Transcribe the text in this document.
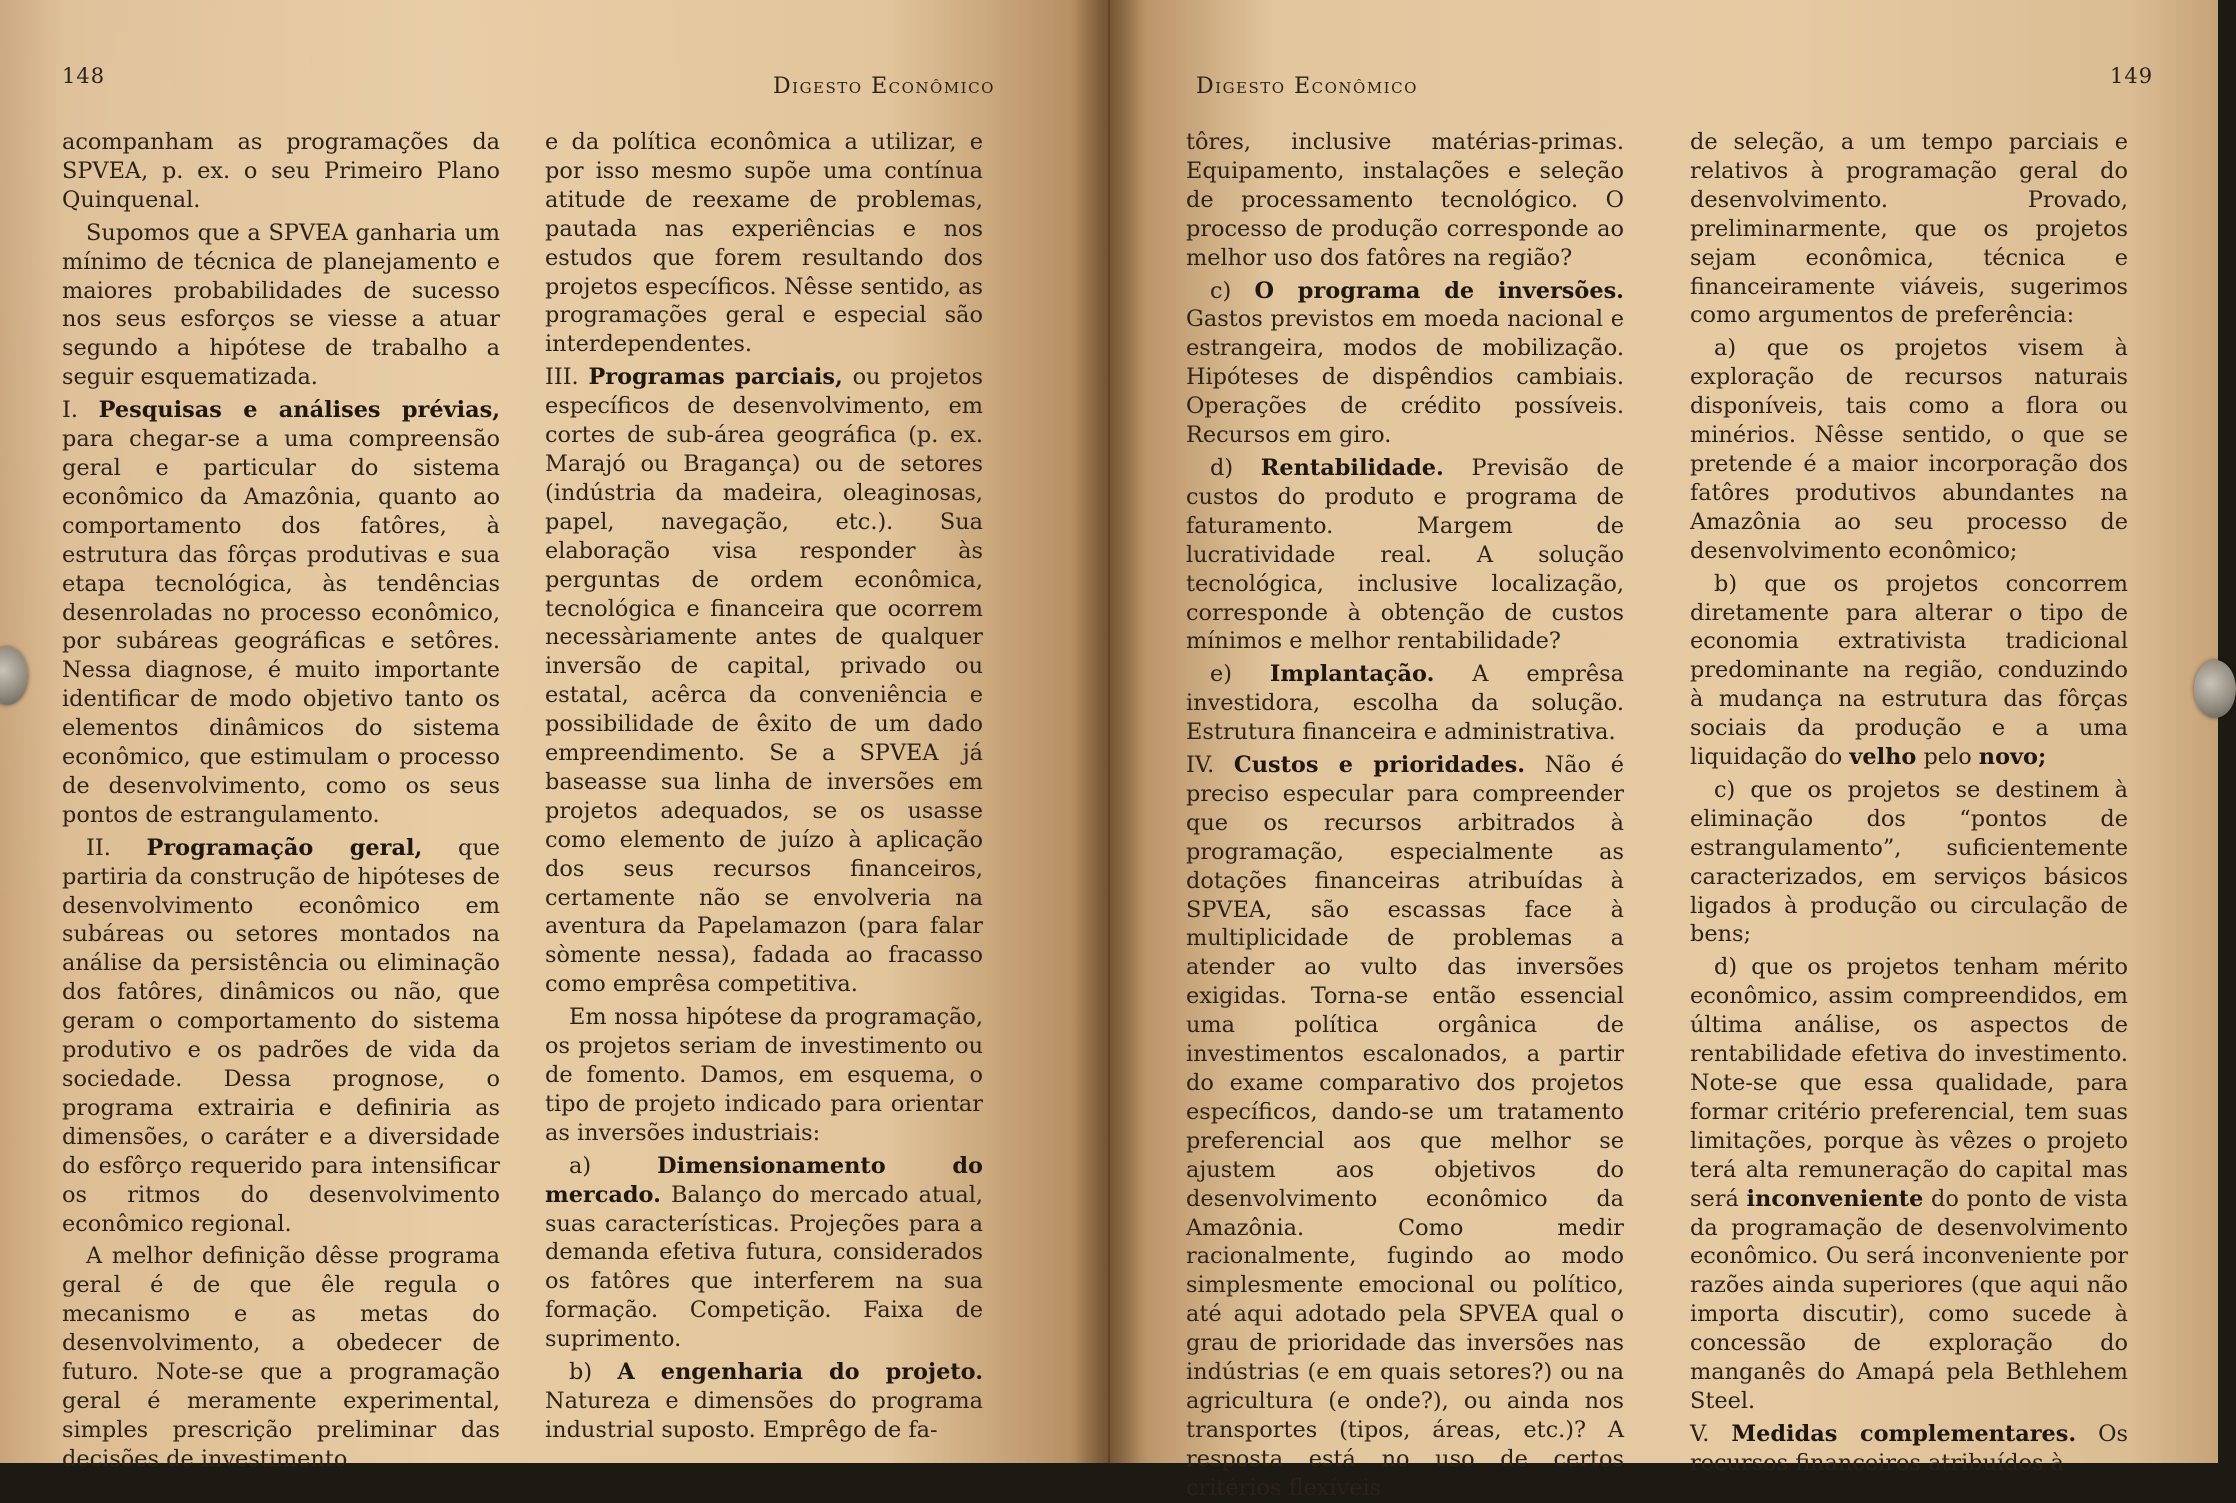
148	Digesto Econômico

acompanham as programações da SPVEA, p. ex. o seu Primeiro Plano Quinquenal.

Supomos que a SPVEA ganharia um mínimo de técnica de planejamento e maiores probabilidades de sucesso nos seus esforços se viesse a atuar segundo a hipótese de trabalho a seguir esquematizada.

I. Pesquisas e análises prévias, para chegar-se a uma compreensão geral e particular do sistema econômico da Amazônia, quanto ao comportamento dos fatôres, à estrutura das fôrças produtivas e sua etapa tecnológica, às tendências desenroladas no processo econômico, por subáreas geográficas e setôres. Nessa diagnose, é muito importante identificar de modo objetivo tanto os elementos dinâmicos do sistema econômico, que estimulam o processo de desenvolvimento, como os seus pontos de estrangulamento.

II. Programação geral, que partiria da construção de hipóteses de desenvolvimento econômico em subáreas ou setores montados na análise da persistência ou eliminação dos fatôres, dinâmicos ou não, que geram o comportamento do sistema produtivo e os padrões de vida da sociedade. Dessa prognose, o programa extrairia e definiria as dimensões, o caráter e a diversidade do esfôrço requerido para intensificar os ritmos do desenvolvimento econômico regional.

A melhor definição dêsse programa geral é de que êle regula o mecanismo e as metas do desenvolvimento, a obedecer de futuro. Note-se que a programação geral é meramente experimental, simples prescrição preliminar das decisões de investimento

e da política econômica a utilizar, e por isso mesmo supõe uma contínua atitude de reexame de problemas, pautada nas experiências e nos estudos que forem resultando dos projetos específicos. Nêsse sentido, as programações geral e especial são interdependentes.

III. Programas parciais, ou projetos específicos de desenvolvimento, em cortes de sub-área geográfica (p. ex. Marajó ou Bragança) ou de setores (indústria da madeira, oleaginosas, papel, navegação, etc.). Sua elaboração visa responder às perguntas de ordem econômica, tecnológica e financeira que ocorrem necessàriamente antes de qualquer inversão de capital, privado ou estatal, acêrca da conveniência e possibilidade de êxito de um dado empreendimento. Se a SPVEA já baseasse sua linha de inversões em projetos adequados, se os usasse como elemento de juízo à aplicação dos seus recursos financeiros, certamente não se envolveria na aventura da Papelamazon (para falar sòmente nessa), fadada ao fracasso como emprêsa competitiva.

Em nossa hipótese da programação, os projetos seriam de investimento ou de fomento. Damos, em esquema, o tipo de projeto indicado para orientar as inversões industriais:

a) Dimensionamento do mercado. Balanço do mercado atual, suas características. Projeções para a demanda efetiva futura, considerados os fatôres que interferem na sua formação. Competição. Faixa de suprimento.

b) A engenharia do projeto. Natureza e dimensões do programa industrial suposto. Emprêgo de fa-

Digesto Econômico	149

tôres, inclusive matérias-primas. Equipamento, instalações e seleção de processamento tecnológico. O processo de produção corresponde ao melhor uso dos fatôres na região?

c) O programa de inversões. Gastos previstos em moeda nacional e estrangeira, modos de mobilização. Hipóteses de dispêndios cambiais. Operações de crédito possíveis. Recursos em giro.

d) Rentabilidade. Previsão de custos do produto e programa de faturamento. Margem de lucratividade real. A solução tecnológica, inclusive localização, corresponde à obtenção de custos mínimos e melhor rentabilidade?

e) Implantação. A emprêsa investidora, escolha da solução. Estrutura financeira e administrativa.

IV. Custos e prioridades. Não é preciso especular para compreender que os recursos arbitrados à programação, especialmente as dotações financeiras atribuídas à SPVEA, são escassas face à multiplicidade de problemas a atender ao vulto das inversões exigidas. Torna-se então essencial uma política orgânica de investimentos escalonados, a partir do exame comparativo dos projetos específicos, dando-se um tratamento preferencial aos que melhor se ajustem aos objetivos do desenvolvimento econômico da Amazônia. Como medir racionalmente, fugindo ao modo simplesmente emocional ou político, até aqui adotado pela SPVEA qual o grau de prioridade das inversões nas indústrias (e em quais setores?) ou na agricultura (e onde?), ou ainda nos transportes (tipos, áreas, etc.)? A resposta está no uso de certos critérios flexíveis

de seleção, a um tempo parciais e relativos à programação geral do desenvolvimento. Provado, preliminarmente, que os projetos sejam econômica, técnica e financeiramente viáveis, sugerimos como argumentos de preferência:

a) que os projetos visem à exploração de recursos naturais disponíveis, tais como a flora ou minérios. Nêsse sentido, o que se pretende é a maior incorporação dos fatôres produtivos abundantes na Amazônia ao seu processo de desenvolvimento econômico;

b) que os projetos concorrem diretamente para alterar o tipo de economia extrativista tradicional predominante na região, conduzindo à mudança na estrutura das fôrças sociais da produção e a uma liquidação do velho pelo novo;

c) que os projetos se destinem à eliminação dos “pontos de estrangulamento”, suficientemente caracterizados, em serviços básicos ligados à produção ou circulação de bens;

d) que os projetos tenham mérito econômico, assim compreendidos, em última análise, os aspectos de rentabilidade efetiva do investimento. Note-se que essa qualidade, para formar critério preferencial, tem suas limitações, porque às vêzes o projeto terá alta remuneração do capital mas será inconveniente do ponto de vista da programação de desenvolvimento econômico. Ou será inconveniente por razões ainda superiores (que aqui não importa discutir), como sucede à concessão de exploração do manganês do Amapá pela Bethlehem Steel.

V. Medidas complementares. Os recursos financeiros atribuídos à
